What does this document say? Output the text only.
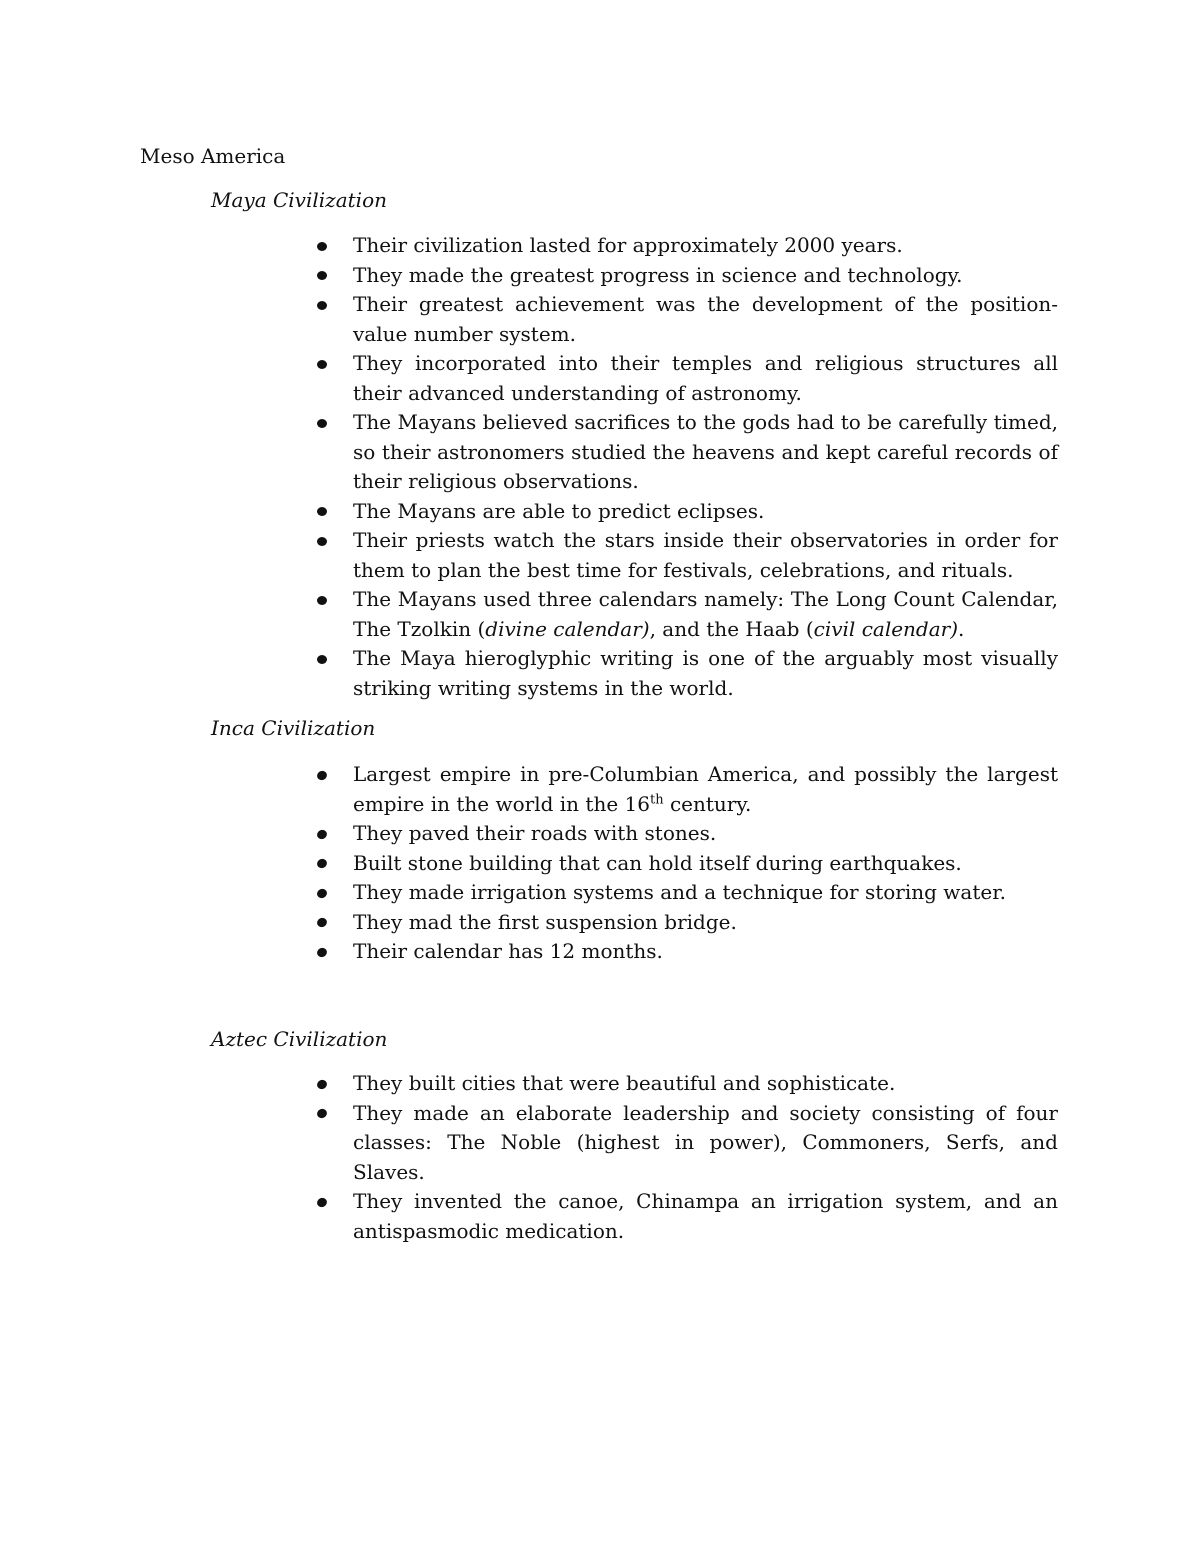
Meso America
Maya Civilization
Their civilization lasted for approximately 2000 years.
They made the greatest progress in science and technology.
Their greatest achievement was the development of the position-value number system.
They incorporated into their temples and religious structures all their advanced understanding of astronomy.
The Mayans believed sacrifices to the gods had to be carefully timed, so their astronomers studied the heavens and kept careful records of their religious observations.
The Mayans are able to predict eclipses.
Their priests watch the stars inside their observatories in order for them to plan the best time for festivals, celebrations, and rituals.
The Mayans used three calendars namely: The Long Count Calendar, The Tzolkin (divine calendar), and the Haab (civil calendar).
The Maya hieroglyphic writing is one of the arguably most visually striking writing systems in the world.
Inca Civilization
Largest empire in pre-Columbian America, and possibly the largest empire in the world in the 16th century.
They paved their roads with stones.
Built stone building that can hold itself during earthquakes.
They made irrigation systems and a technique for storing water.
They mad the first suspension bridge.
Their calendar has 12 months.
Aztec Civilization
They built cities that were beautiful and sophisticate.
They made an elaborate leadership and society consisting of four classes: The Noble (highest in power), Commoners, Serfs, and Slaves.
They invented the canoe, Chinampa an irrigation system, and an antispasmodic medication.
